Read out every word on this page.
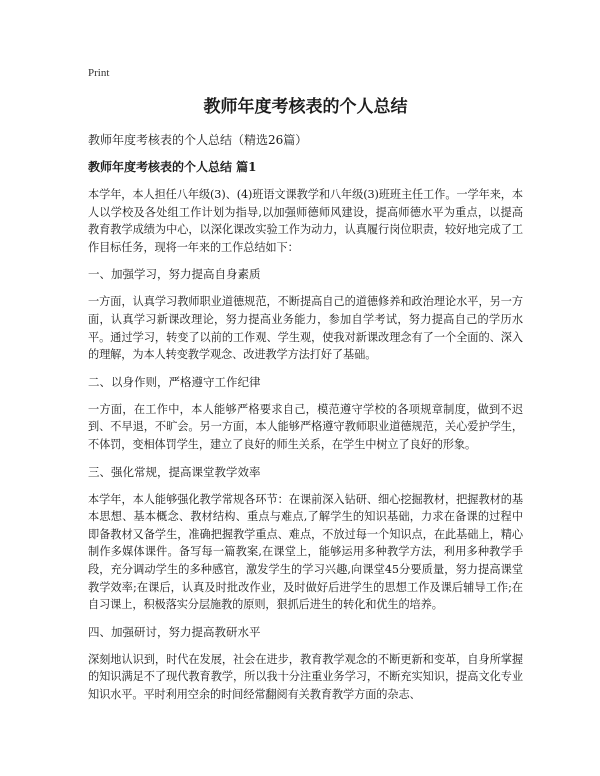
Print
教师年度考核表的个人总结
教师年度考核表的个人总结（精选26篇）
教师年度考核表的个人总结 篇1
本学年，本人担任八年级(3)、(4)班语文课教学和八年级(3)班班主任工作。一学年来，本人以学校及各处组工作计划为指导,以加强师德师风建设，提高师德水平为重点，以提高教育教学成绩为中心，以深化课改实验工作为动力，认真履行岗位职责，较好地完成了工作目标任务，现将一年来的工作总结如下：
一、加强学习，努力提高自身素质
一方面，认真学习教师职业道德规范，不断提高自己的道德修养和政治理论水平，另一方面，认真学习新课改理论，努力提高业务能力，参加自学考试，努力提高自己的学历水平。通过学习，转变了以前的工作观、学生观，使我对新课改理念有了一个全面的、深入的理解，为本人转变教学观念、改进教学方法打好了基础。
二、以身作则，严格遵守工作纪律
一方面，在工作中，本人能够严格要求自己，模范遵守学校的各项规章制度，做到不迟到、不早退，不旷会。另一方面，本人能够严格遵守教师职业道德规范，关心爱护学生，不体罚，变相体罚学生，建立了良好的师生关系，在学生中树立了良好的形象。
三、强化常规，提高课堂教学效率
本学年，本人能够强化教学常规各环节：在课前深入钻研、细心挖掘教材，把握教材的基本思想、基本概念、教材结构、重点与难点,了解学生的知识基础，力求在备课的过程中即备教材又备学生，准确把握教学重点、难点，不放过每一个知识点，在此基础上，精心制作多媒体课件。备写每一篇教案,在课堂上，能够运用多种教学方法，利用多种教学手段，充分调动学生的多种感官，激发学生的学习兴趣,向课堂45分要质量，努力提高课堂教学效率;在课后，认真及时批改作业，及时做好后进学生的思想工作及课后辅导工作;在自习课上，积极落实分层施教的原则，狠抓后进生的转化和优生的培养。
四、加强研讨，努力提高教研水平
深刻地认识到，时代在发展，社会在进步，教育教学观念的不断更新和变革，自身所掌握的知识满足不了现代教育教学，所以我十分注重业务学习，不断充实知识，提高文化专业知识水平。平时利用空余的时间经常翻阅有关教育教学方面的杂志、
